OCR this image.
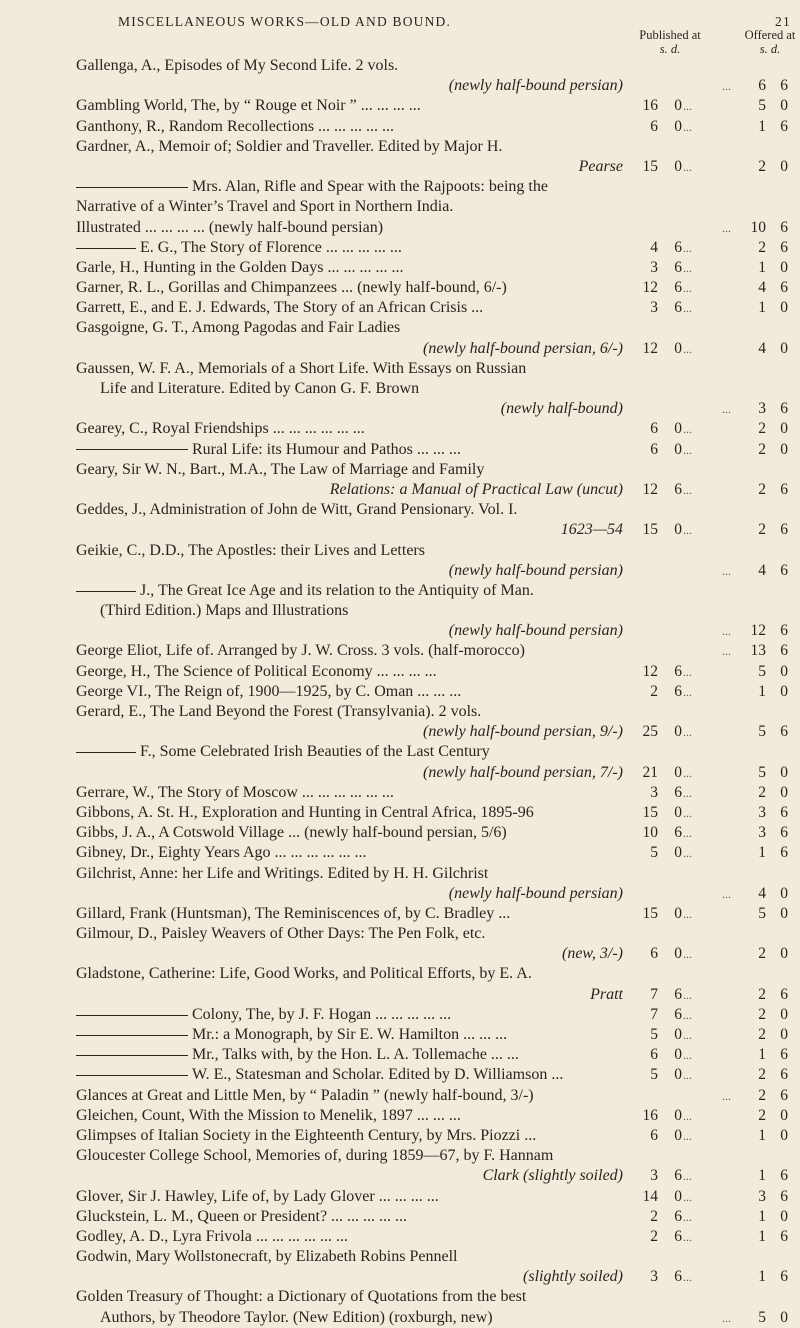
MISCELLANEOUS WORKS—OLD AND BOUND.	21
Published at
s. d.
Offered at
s. d.
Gallenga, A., Episodes of My Second Life. 2 vols.
(newly half-bound persian)	6 6
...
Gambling World, The, by “ Rouge et Noir ” ... ... ... ...	16	0	5 0
...
Ganthony, R., Random Recollections ... ... ... ... ...	6	0	1 6
...
Gardner, A., Memoir of; Soldier and Traveller. Edited by Major H.
Pearse	15	0	2 0
...
Mrs. Alan, Rifle and Spear with the Rajpoots: being the
Narrative of a Winter’s Travel and Sport in Northern India.
Illustrated ... ... ... ... (newly half-bound persian)	10 6
...
E. G., The Story of Florence ... ... ... ... ...	4	6	2 6
...
Garle, H., Hunting in the Golden Days ... ... ... ... ...	3	6	1 0
...
Garner, R. L., Gorillas and Chimpanzees ... (newly half-bound, 6/-)	12	6	4 6
...
Garrett, E., and E. J. Edwards, The Story of an African Crisis ...	3	6	1 0
...
Gasgoigne, G. T., Among Pagodas and Fair Ladies
(newly half-bound persian, 6/-)	12	0	4 0
...
Gaussen, W. F. A., Memorials of a Short Life. With Essays on Russian
Life and Literature. Edited by Canon G. F. Brown
(newly half-bound)	3 6
...
Gearey, C., Royal Friendships ... ... ... ... ... ...	6	0	2 0
...
Rural Life: its Humour and Pathos ... ... ...	6	0	2 0
...
Geary, Sir W. N., Bart., M.A., The Law of Marriage and Family
Relations: a Manual of Practical Law (uncut)	12	6	2 6
...
Geddes, J., Administration of John de Witt, Grand Pensionary. Vol. I.
1623—54	15	0	2 6
...
Geikie, C., D.D., The Apostles: their Lives and Letters
(newly half-bound persian)	4 6
...
J., The Great Ice Age and its relation to the Antiquity of Man.
(Third Edition.) Maps and Illustrations
(newly half-bound persian)	12 6
...
George Eliot, Life of. Arranged by J. W. Cross. 3 vols. (half-morocco)	13 6
...
George, H., The Science of Political Economy ... ... ... ...	12	6	5 0
...
George VI., The Reign of, 1900—1925, by C. Oman ... ... ...	2	6	1 0
...
Gerard, E., The Land Beyond the Forest (Transylvania). 2 vols.
(newly half-bound persian, 9/-)	25	0	5 6
...
F., Some Celebrated Irish Beauties of the Last Century
(newly half-bound persian, 7/-)	21	0	5 0
...
Gerrare, W., The Story of Moscow ... ... ... ... ... ...	3	6	2 0
...
Gibbons, A. St. H., Exploration and Hunting in Central Africa, 1895-96	15	0	3 6
...
Gibbs, J. A., A Cotswold Village ... (newly half-bound persian, 5/6)	10	6	3 6
...
Gibney, Dr., Eighty Years Ago ... ... ... ... ... ...	5	0	1 6
...
Gilchrist, Anne: her Life and Writings. Edited by H. H. Gilchrist
(newly half-bound persian)	4 0
...
Gillard, Frank (Huntsman), The Reminiscences of, by C. Bradley ...	15	0	5 0
...
Gilmour, D., Paisley Weavers of Other Days: The Pen Folk, etc.
(new, 3/-)	6	0	2 0
...
Gladstone, Catherine: Life, Good Works, and Political Efforts, by E. A.
Pratt	7	6	2 6
...
Colony, The, by J. F. Hogan ... ... ... ... ...	7	6	2 0
...
Mr.: a Monograph, by Sir E. W. Hamilton ... ... ...	5	0	2 0
...
Mr., Talks with, by the Hon. L. A. Tollemache ... ...	6	0	1 6
...
W. E., Statesman and Scholar. Edited by D. Williamson ...	5	0	2 6
...
Glances at Great and Little Men, by “ Paladin ” (newly half-bound, 3/-)	2 6
...
Gleichen, Count, With the Mission to Menelik, 1897 ... ... ...	16	0	2 0
...
Glimpses of Italian Society in the Eighteenth Century, by Mrs. Piozzi ...	6	0	1 0
...
Gloucester College School, Memories of, during 1859—67, by F. Hannam
Clark (slightly soiled)	3	6	1 6
...
Glover, Sir J. Hawley, Life of, by Lady Glover ... ... ... ...	14	0	3 6
...
Gluckstein, L. M., Queen or President? ... ... ... ... ...	2	6	1 0
...
Godley, A. D., Lyra Frivola ... ... ... ... ... ...	2	6	1 6
...
Godwin, Mary Wollstonecraft, by Elizabeth Robins Pennell
(slightly soiled)	3	6	1 6
...
Golden Treasury of Thought: a Dictionary of Quotations from the best
Authors, by Theodore Taylor. (New Edition) (roxburgh, new)	5 0
...
